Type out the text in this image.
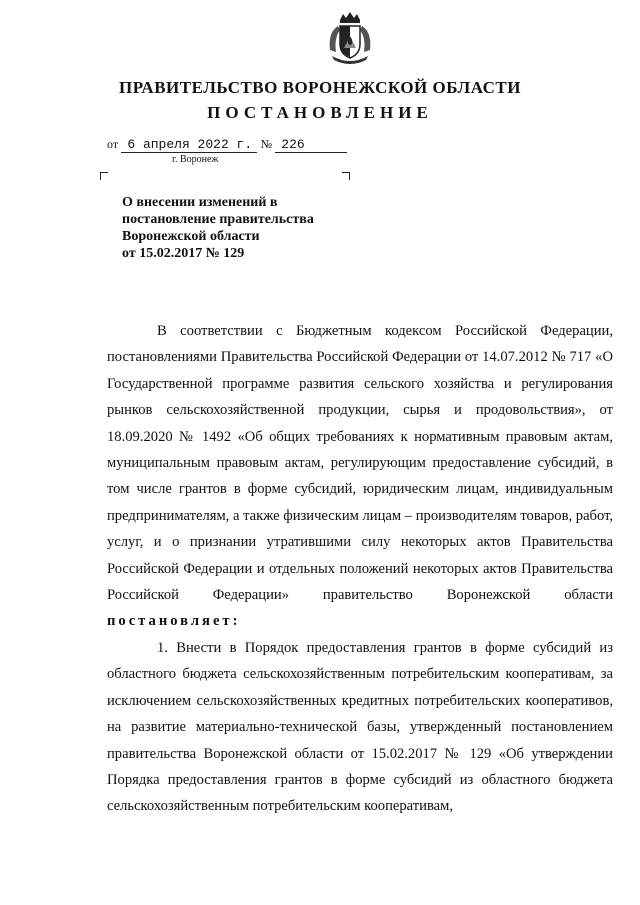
ПРАВИТЕЛЬСТВО ВОРОНЕЖСКОЙ ОБЛАСТИ
ПОСТАНОВЛЕНИЕ
от 6 апреля 2022 г. № 226
г. Воронеж
О внесении изменений в
постановление правительства
Воронежской области
от 15.02.2017 № 129

В соответствии с Бюджетным кодексом Российской Федерации, постановлениями Правительства Российской Федерации от 14.07.2012 № 717 «О Государственной программе развития сельского хозяйства и регулирования рынков сельскохозяйственной продукции, сырья и продовольствия», от 18.09.2020 № 1492 «Об общих требованиях к нормативным правовым актам, муниципальным правовым актам, регулирующим предоставление субсидий, в том числе грантов в форме субсидий, юридическим лицам, индивидуальным предпринимателям, а также физическим лицам – производителям товаров, работ, услуг, и о признании утратившими силу некоторых актов Правительства Российской Федерации и отдельных положений некоторых актов Правительства Российской Федерации» правительство Воронежской области постановляет:

1. Внести в Порядок предоставления грантов в форме субсидий из областного бюджета сельскохозяйственным потребительским кооперативам, за исключением сельскохозяйственных кредитных потребительских кооперативов, на развитие материально-технической базы, утвержденный постановлением правительства Воронежской области от 15.02.2017 № 129 «Об утверждении Порядка предоставления грантов в форме субсидий из областного бюджета сельскохозяйственным потребительским кооперативам,
